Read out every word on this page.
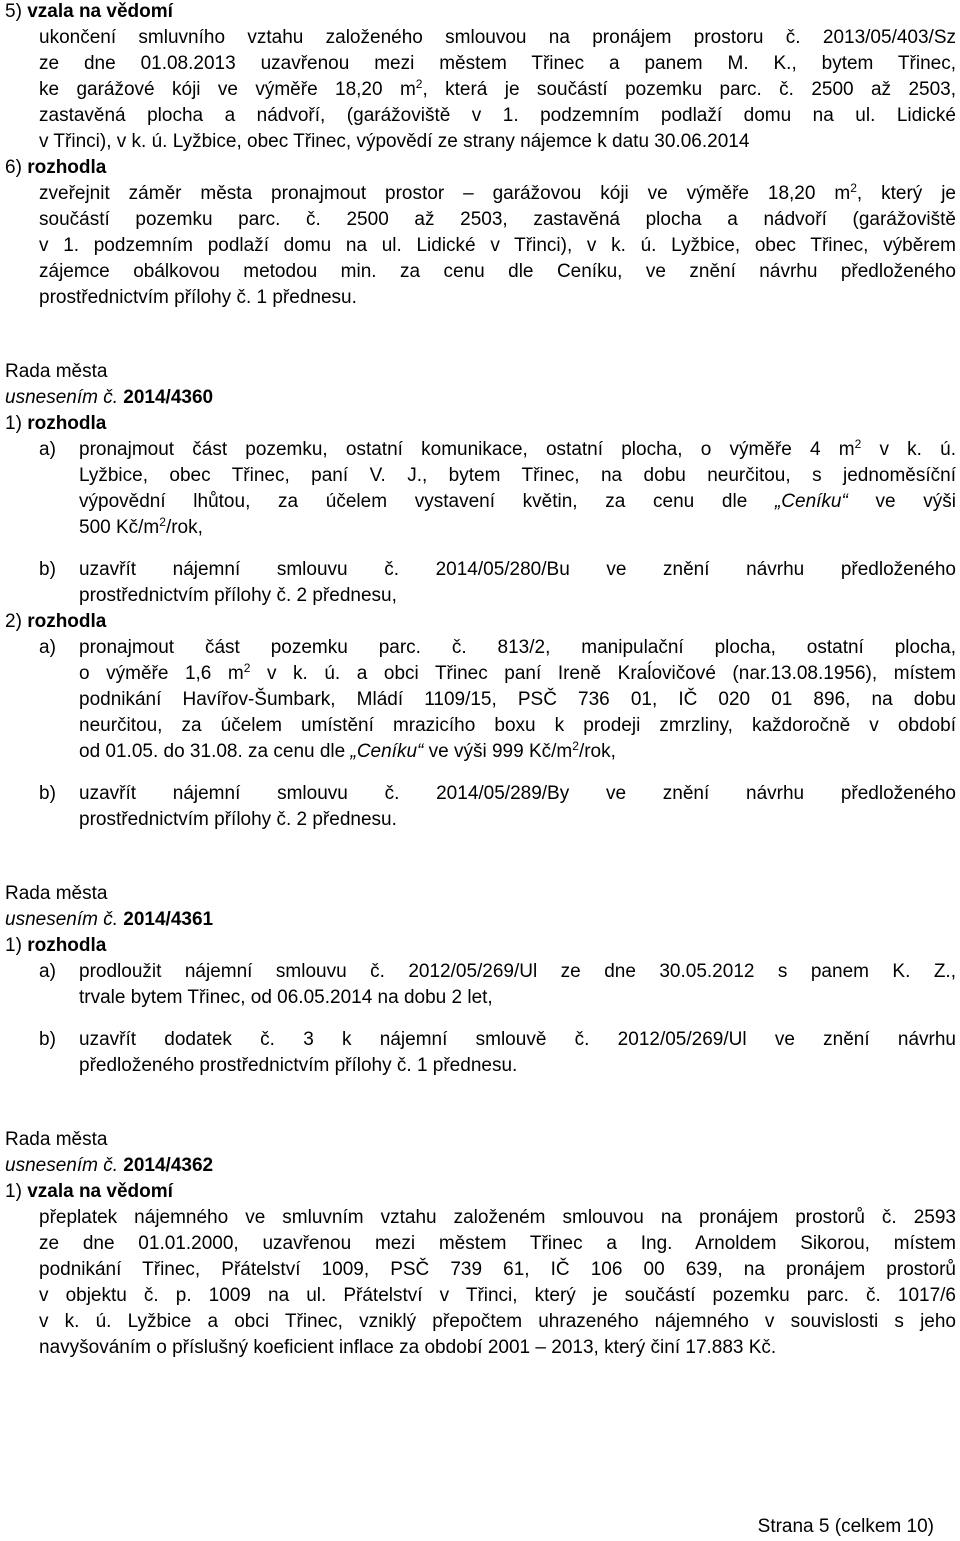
5) vzala na vědomí
ukončení smluvního vztahu založeného smlouvou na pronájem prostoru č. 2013/05/403/Sz
ze dne 01.08.2013 uzavřenou mezi městem Třinec a panem M. K., bytem Třinec,
ke garážové kóji ve výměře 18,20 $m^2$, která je součástí pozemku parc. č. 2500 až 2503,
zastavěná plocha a nádvoří, (garážoviště v 1. podzemním podlaží domu na ul. Lidické
v Třinci), v k. ú. Lyžbice, obec Třinec, výpovědí ze strany nájemce k datu 30.06.2014
6) rozhodla
zveřejnit záměr města pronajmout prostor – garážovou kóji ve výměře 18,20 $m^2$, který je
součástí pozemku parc. č. 2500 až 2503, zastavěná plocha a nádvoří (garážoviště
v 1. podzemním podlaží domu na ul. Lidické v Třinci), v k. ú. Lyžbice, obec Třinec, výběrem
zájemce obálkovou metodou min. za cenu dle Ceníku, ve znění návrhu předloženého
prostřednictvím přílohy č. 1 přednesu.
Rada města
usnesením č. 2014/4360
1) rozhodla
pronajmout část pozemku, ostatní komunikace, ostatní plocha, o výměře 4 $m^2$ v k. ú.
a)
Lyžbice, obec Třinec, paní V. J., bytem Třinec, na dobu neurčitou, s jednoměsíční
výpovědní lhůtou, za účelem vystavení květin, za cenu dle „Ceníku“ ve výši
500 $Kč/m^2$/rok,
uzavřít nájemní smlouvu č. 2014/05/280/Bu ve znění návrhu předloženého
b)
prostřednictvím přílohy č. 2 přednesu,
2) rozhodla
pronajmout část pozemku parc. č. 813/2, manipulační plocha, ostatní plocha,
a)
o výměře 1,6 $m^2$ v k. ú. a obci Třinec paní Ireně Kraĺovičové (nar.13.08.1956), místem
podnikání Havířov-Šumbark, Mládí 1109/15, PSČ 736 01, IČ 020 01 896, na dobu
neurčitou, za účelem umístění mrazicího boxu k prodeji zmrzliny, každoročně v období
od 01.05. do 31.08. za cenu dle „Ceníku“ ve výši 999 $Kč/m^2$/rok,
uzavřít nájemní smlouvu č. 2014/05/289/By ve znění návrhu předloženého
b)
prostřednictvím přílohy č. 2 přednesu.
Rada města
usnesením č. 2014/4361
1) rozhodla
prodloužit nájemní smlouvu č. 2012/05/269/Ul ze dne 30.05.2012 s panem K. Z.,
a)
trvale bytem Třinec, od 06.05.2014 na dobu 2 let,
uzavřít dodatek č. 3 k nájemní smlouvě č. 2012/05/269/Ul ve znění návrhu
b)
předloženého prostřednictvím přílohy č. 1 přednesu.
Rada města
usnesením č. 2014/4362
1) vzala na vědomí
přeplatek nájemného ve smluvním vztahu založeném smlouvou na pronájem prostorů č. 2593
ze dne 01.01.2000, uzavřenou mezi městem Třinec a Ing. Arnoldem Sikorou, místem
podnikání Třinec, Přátelství 1009, PSČ 739 61, IČ 106 00 639, na pronájem prostorů
v objektu č. p. 1009 na ul. Přátelství v Třinci, který je součástí pozemku parc. č. 1017/6
v k. ú. Lyžbice a obci Třinec, vzniklý přepočtem uhrazeného nájemného v souvislosti s jeho
navyšováním o příslušný koeficient inflace za období 2001 – 2013, který činí 17.883 Kč.
Strana 5 (celkem 10)
